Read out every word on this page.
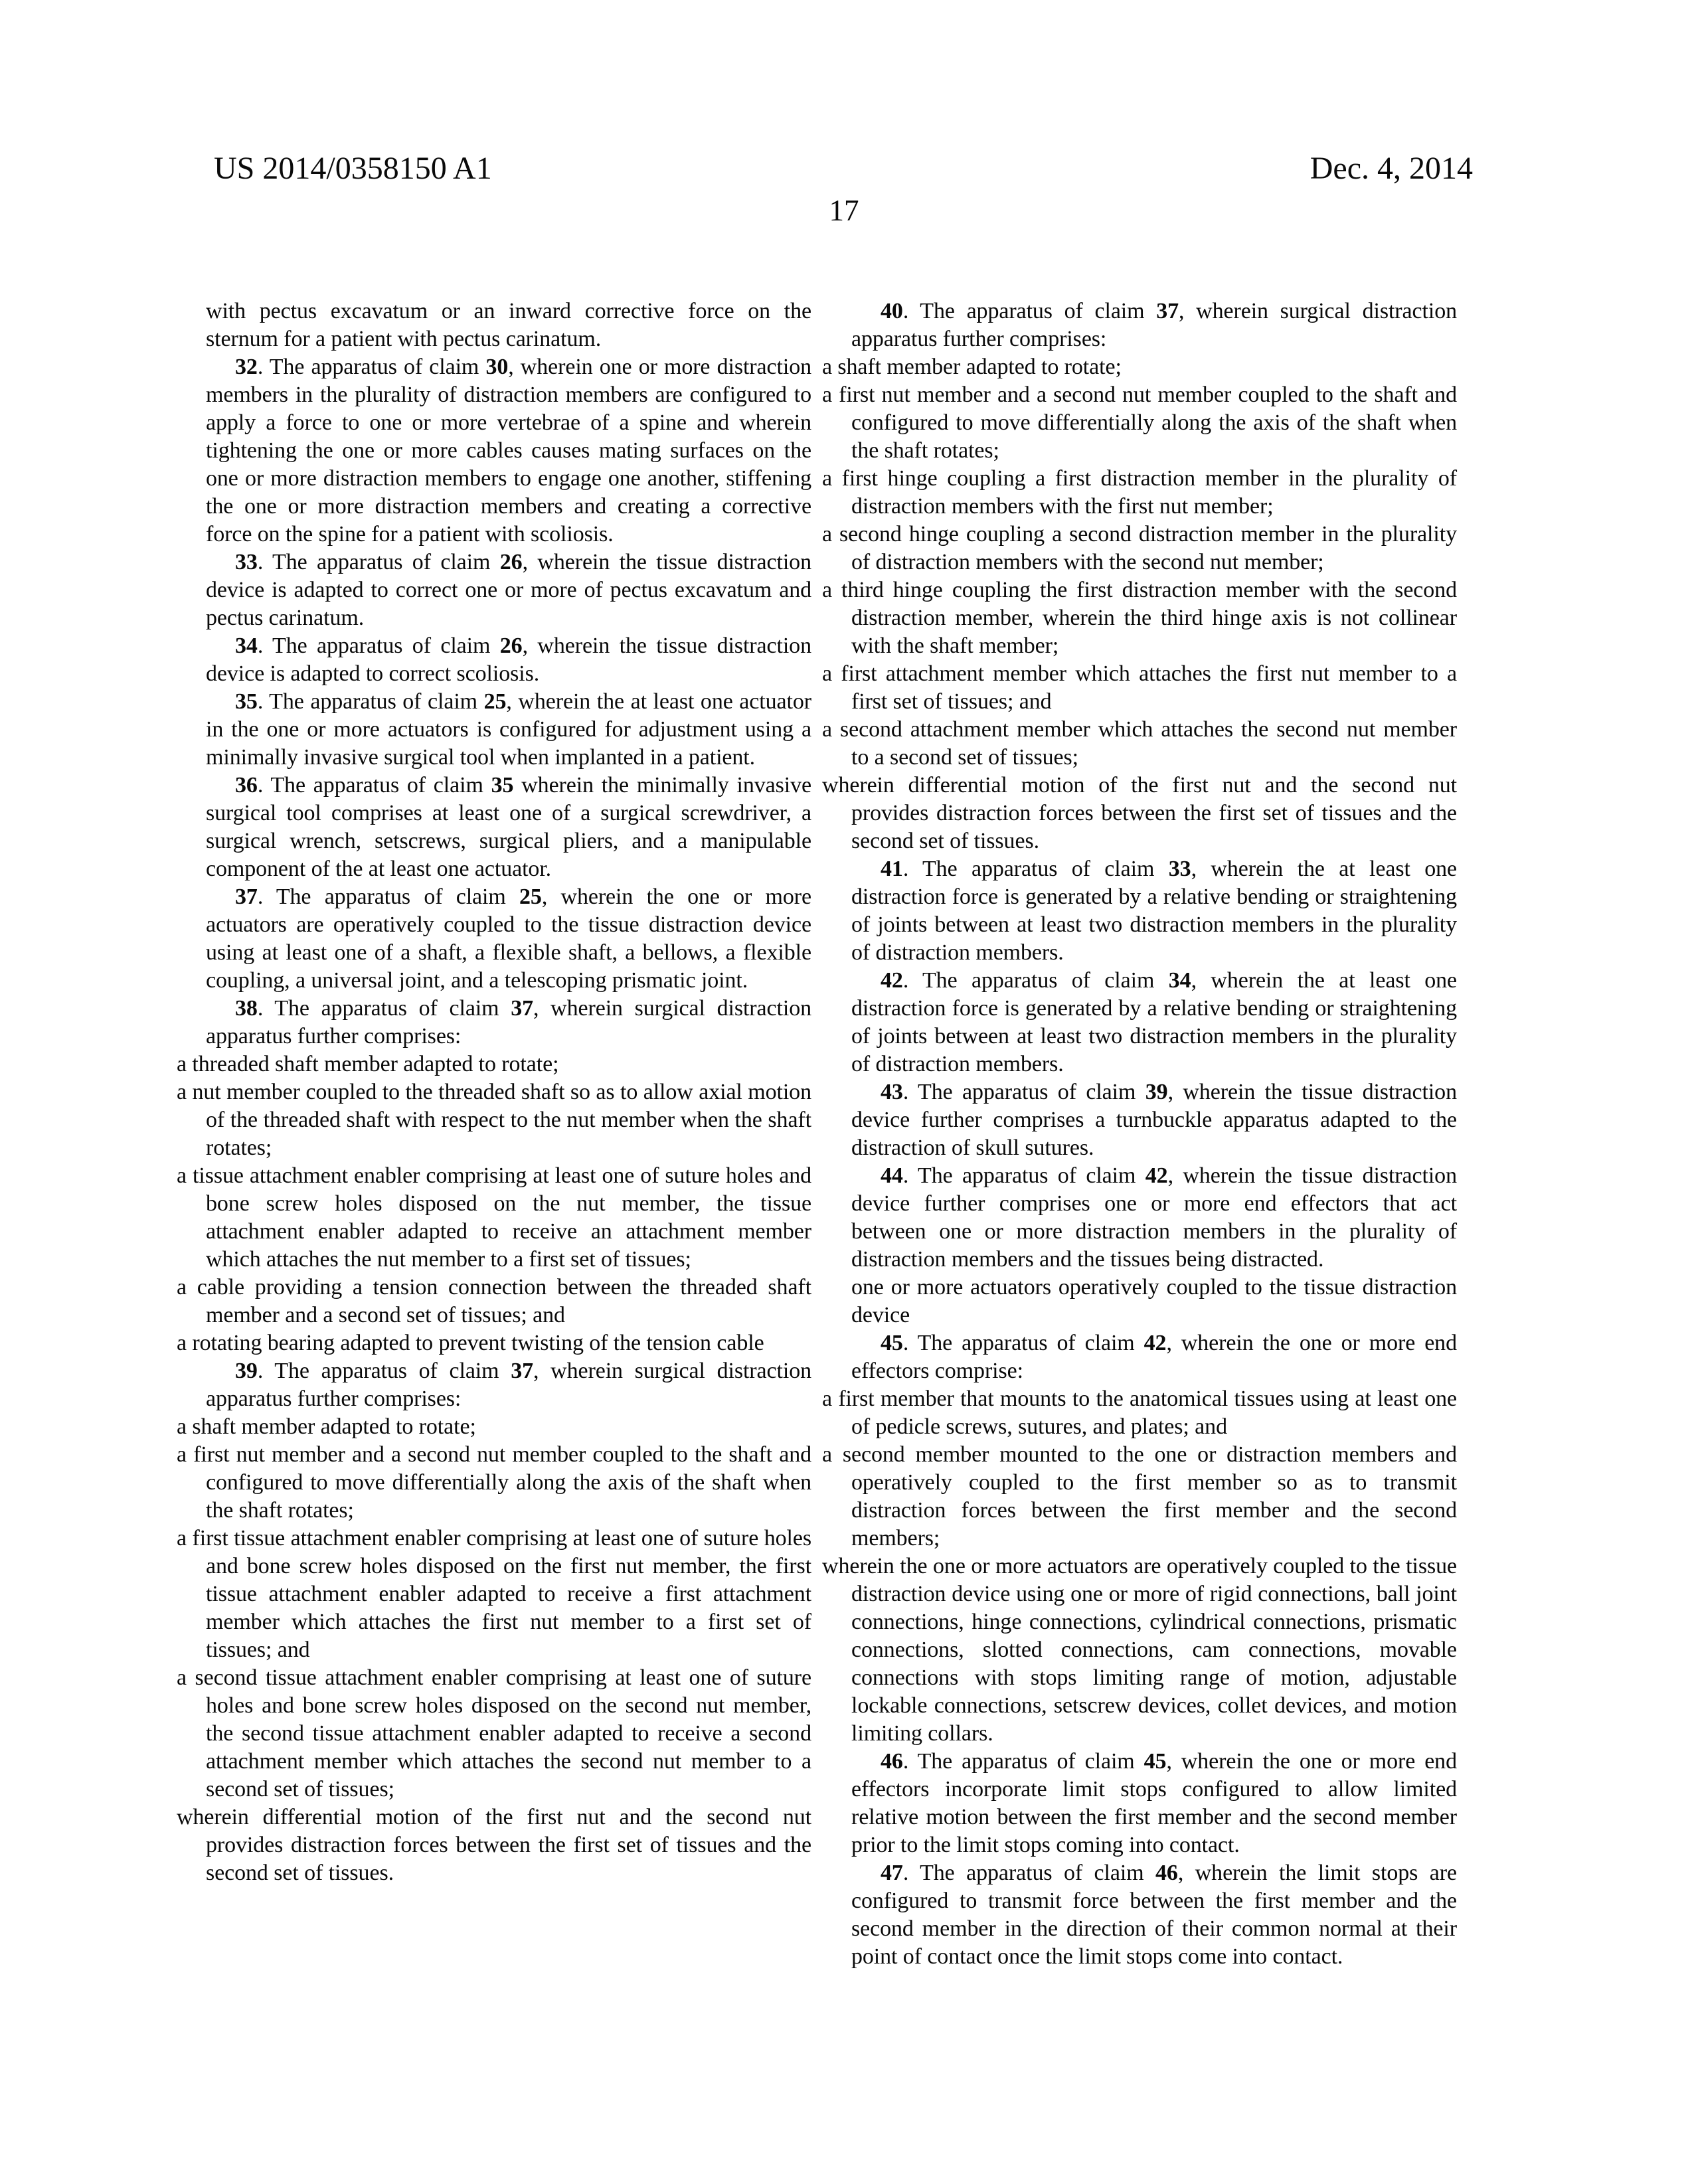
US 2014/0358150 A1	Dec. 4, 2014
17

with pectus excavatum or an inward corrective force on the sternum for a patient with pectus carinatum.

32. The apparatus of claim 30, wherein one or more distraction members in the plurality of distraction members are configured to apply a force to one or more vertebrae of a spine and wherein tightening the one or more cables causes mating surfaces on the one or more distraction members to engage one another, stiffening the one or more distraction members and creating a corrective force on the spine for a patient with scoliosis.

33. The apparatus of claim 26, wherein the tissue distraction device is adapted to correct one or more of pectus excavatum and pectus carinatum.

34. The apparatus of claim 26, wherein the tissue distraction device is adapted to correct scoliosis.

35. The apparatus of claim 25, wherein the at least one actuator in the one or more actuators is configured for adjustment using a minimally invasive surgical tool when implanted in a patient.

36. The apparatus of claim 35 wherein the minimally invasive surgical tool comprises at least one of a surgical screwdriver, a surgical wrench, setscrews, surgical pliers, and a manipulable component of the at least one actuator.

37. The apparatus of claim 25, wherein the one or more actuators are operatively coupled to the tissue distraction device using at least one of a shaft, a flexible shaft, a bellows, a flexible coupling, a universal joint, and a telescoping prismatic joint.

38. The apparatus of claim 37, wherein surgical distraction apparatus further comprises:

a threaded shaft member adapted to rotate;

a nut member coupled to the threaded shaft so as to allow axial motion of the threaded shaft with respect to the nut member when the shaft rotates;

a tissue attachment enabler comprising at least one of suture holes and bone screw holes disposed on the nut member, the tissue attachment enabler adapted to receive an attachment member which attaches the nut member to a first set of tissues;

a cable providing a tension connection between the threaded shaft member and a second set of tissues; and

a rotating bearing adapted to prevent twisting of the tension cable

39. The apparatus of claim 37, wherein surgical distraction apparatus further comprises:

a shaft member adapted to rotate;

a first nut member and a second nut member coupled to the shaft and configured to move differentially along the axis of the shaft when the shaft rotates;

a first tissue attachment enabler comprising at least one of suture holes and bone screw holes disposed on the first nut member, the first tissue attachment enabler adapted to receive a first attachment member which attaches the first nut member to a first set of tissues; and

a second tissue attachment enabler comprising at least one of suture holes and bone screw holes disposed on the second nut member, the second tissue attachment enabler adapted to receive a second attachment member which attaches the second nut member to a second set of tissues;

wherein differential motion of the first nut and the second nut provides distraction forces between the first set of tissues and the second set of tissues.

40. The apparatus of claim 37, wherein surgical distraction apparatus further comprises:

a shaft member adapted to rotate;

a first nut member and a second nut member coupled to the shaft and configured to move differentially along the axis of the shaft when the shaft rotates;

a first hinge coupling a first distraction member in the plurality of distraction members with the first nut member;

a second hinge coupling a second distraction member in the plurality of distraction members with the second nut member;

a third hinge coupling the first distraction member with the second distraction member, wherein the third hinge axis is not collinear with the shaft member;

a first attachment member which attaches the first nut member to a first set of tissues; and

a second attachment member which attaches the second nut member to a second set of tissues;

wherein differential motion of the first nut and the second nut provides distraction forces between the first set of tissues and the second set of tissues.

41. The apparatus of claim 33, wherein the at least one distraction force is generated by a relative bending or straightening of joints between at least two distraction members in the plurality of distraction members.

42. The apparatus of claim 34, wherein the at least one distraction force is generated by a relative bending or straightening of joints between at least two distraction members in the plurality of distraction members.

43. The apparatus of claim 39, wherein the tissue distraction device further comprises a turnbuckle apparatus adapted to the distraction of skull sutures.

44. The apparatus of claim 42, wherein the tissue distraction device further comprises one or more end effectors that act between one or more distraction members in the plurality of distraction members and the tissues being distracted.

one or more actuators operatively coupled to the tissue distraction device

45. The apparatus of claim 42, wherein the one or more end effectors comprise:

a first member that mounts to the anatomical tissues using at least one of pedicle screws, sutures, and plates; and

a second member mounted to the one or distraction members and operatively coupled to the first member so as to transmit distraction forces between the first member and the second members;

wherein the one or more actuators are operatively coupled to the tissue distraction device using one or more of rigid connections, ball joint connections, hinge connections, cylindrical connections, prismatic connections, slotted connections, cam connections, movable connections with stops limiting range of motion, adjustable lockable connections, setscrew devices, collet devices, and motion limiting collars.

46. The apparatus of claim 45, wherein the one or more end effectors incorporate limit stops configured to allow limited relative motion between the first member and the second member prior to the limit stops coming into contact.

47. The apparatus of claim 46, wherein the limit stops are configured to transmit force between the first member and the second member in the direction of their common normal at their point of contact once the limit stops come into contact.
